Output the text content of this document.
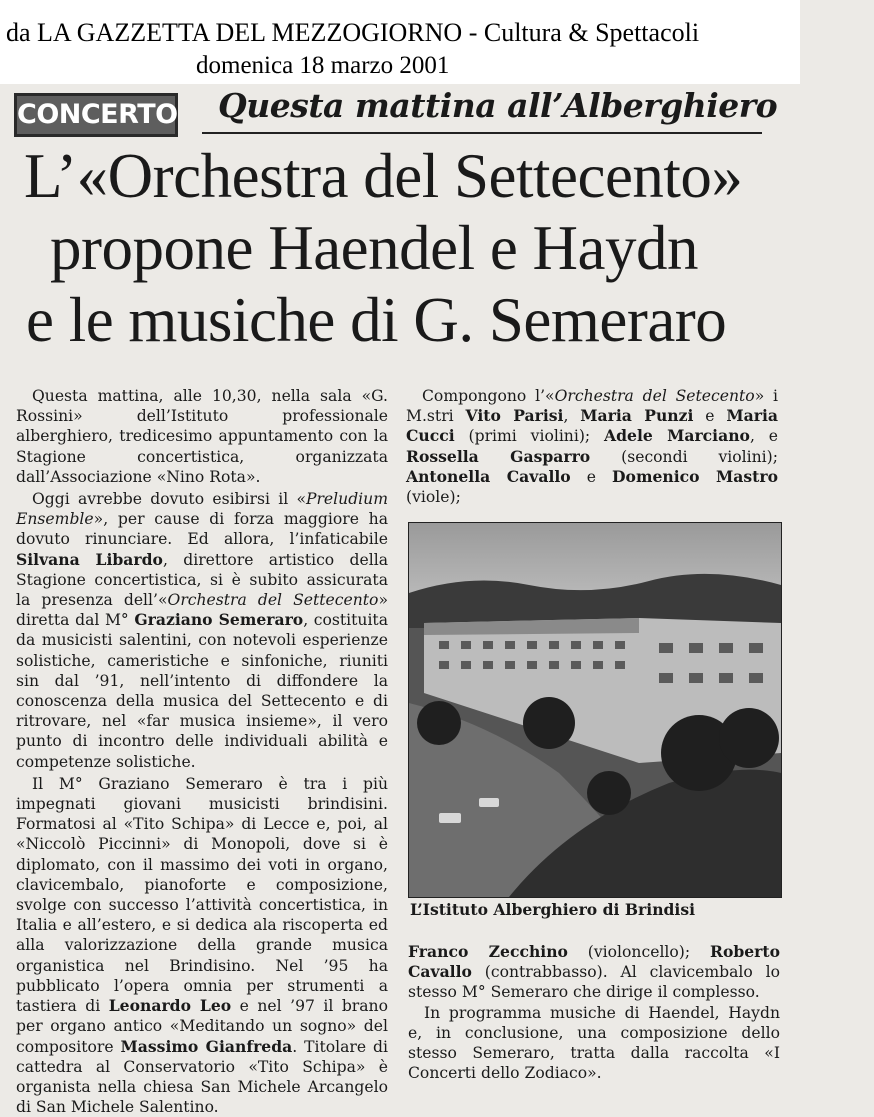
da LA GAZZETTA DEL MEZZOGIORNO - Cultura & Spettacoli
domenica 18 marzo 2001
CONCERTO Questa mattina all’Alberghiero
L’«Orchestra del Settecento»
propone Haendel e Haydn
e le musiche di G. Semeraro

Questa mattina, alle 10,30, nella sala «G. Rossini» dell’Istituto professionale alberghiero, tredicesimo appuntamento con la Stagione concertistica, organizzata dall’Associazione «Nino Rota».

Oggi avrebbe dovuto esibirsi il «Preludium Ensemble», per cause di forza maggiore ha dovuto rinunciare. Ed allora, l’infaticabile Silvana Libardo, direttore artistico della Stagione concertistica, si è subito assicurata la presenza dell’«Orchestra del Settecento» diretta dal M° Graziano Semeraro, costituita da musicisti salentini, con notevoli esperienze solistiche, cameristiche e sinfoniche, riuniti sin dal ’91, nell’intento di diffondere la conoscenza della musica del Settecento e di ritrovare, nel «far musica insieme», il vero punto di incontro delle individuali abilità e competenze solistiche.

Il M° Graziano Semeraro è tra i più impegnati giovani musicisti brindisini. Formatosi al «Tito Schipa» di Lecce e, poi, al «Niccolò Piccinni» di Monopoli, dove si è diplomato, con il massimo dei voti in organo, clavicembalo, pianoforte e composizione, svolge con successo l’attività concertistica, in Italia e all’estero, e si dedica ala riscoperta ed alla valorizzazione della grande musica organistica nel Brindisino. Nel ’95 ha pubblicato l’opera omnia per strumenti a tastiera di Leonardo Leo e nel ’97 il brano per organo antico «Meditando un sogno» del compositore Massimo Gianfreda. Titolare di cattedra al Conservatorio «Tito Schipa» è organista nella chiesa San Michele Arcangelo di San Michele Salentino.

Compongono l’«Orchestra del Setecento» i M.stri Vito Parisi, Maria Punzi e Maria Cucci (primi violini); Adele Marciano, e Rossella Gasparro (secondi violini); Antonella Cavallo e Domenico Mastro (viole);

L’Istituto Alberghiero di Brindisi

Franco Zecchino (violoncello); Roberto Cavallo (contrabbasso). Al clavicembalo lo stesso M° Semeraro che dirige il complesso.

In programma musiche di Haendel, Haydn e, in conclusione, una composizione dello stesso Semeraro, tratta dalla raccolta «I Concerti dello Zodiaco».
